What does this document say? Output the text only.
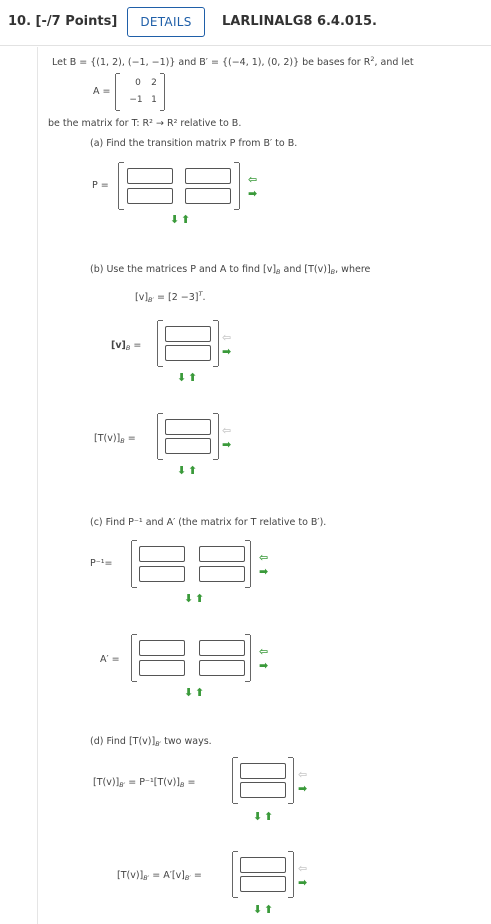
10. [-/7 Points]	DETAILS	LARLINALG8 6.4.015.
Let B = {(1, 2), (−1, −1)} and B′ = {(−4, 1), (0, 2)} be bases for $R^2$, and let
A =
0	2
−1 1
be the matrix for T: R² → R² relative to B.
(a) Find the transition matrix P from B′ to B.
P =	⇦
➡
⬇ ⬆
(b) Use the matrices P and A to find $[v]_B$ and $[T(v)]_B$, where
$[v]_{B'} = [2 -3]^T$.
$[v]_B$ =
⇦
➡
⬇ ⬆
$[T(v)]_B$ =
⇦
➡
⬇ ⬆
(c) Find P⁻¹ and A′ (the matrix for T relative to B′).
P⁻¹=	⇦
➡
⬇ ⬆
A′ =
⇦
➡
⬇ ⬆
(d) Find $[T(v)]_{B'}$ two ways.
$[T(v)]_{B'} = P^{-1}[T(v)]_B$ =
⇦
➡
⬇ ⬆
$[T(v)]_{B'} = A'[v]_{B'}$ =
⇦
➡
⬇ ⬆
